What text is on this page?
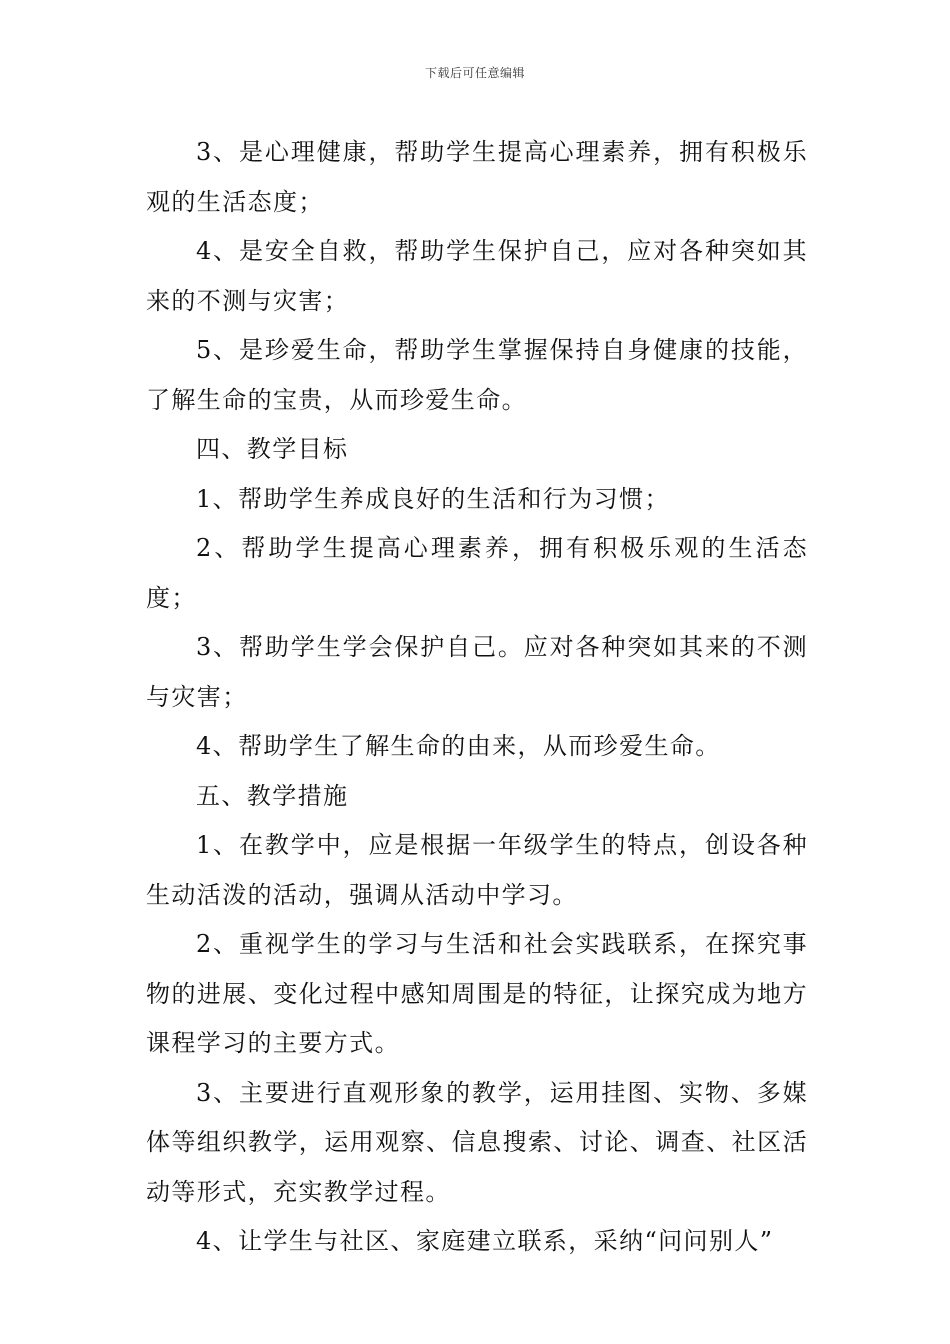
下载后可任意编辑

3、是心理健康，帮助学生提高心理素养，拥有积极乐观的生活态度；

4、是安全自救，帮助学生保护自己，应对各种突如其来的不测与灾害；

5、是珍爱生命，帮助学生掌握保持自身健康的技能，了解生命的宝贵，从而珍爱生命。

四、教学目标

1、帮助学生养成良好的生活和行为习惯；

2、帮助学生提高心理素养，拥有积极乐观的生活态度；

3、帮助学生学会保护自己。应对各种突如其来的不测与灾害；

4、帮助学生了解生命的由来，从而珍爱生命。

五、教学措施

1、在教学中，应是根据一年级学生的特点，创设各种生动活泼的活动，强调从活动中学习。

2、重视学生的学习与生活和社会实践联系，在探究事物的进展、变化过程中感知周围是的特征，让探究成为地方课程学习的主要方式。

3、主要进行直观形象的教学，运用挂图、实物、多媒体等组织教学，运用观察、信息搜索、讨论、调查、社区活动等形式，充实教学过程。

4、让学生与社区、家庭建立联系，采纳“问问别人”
